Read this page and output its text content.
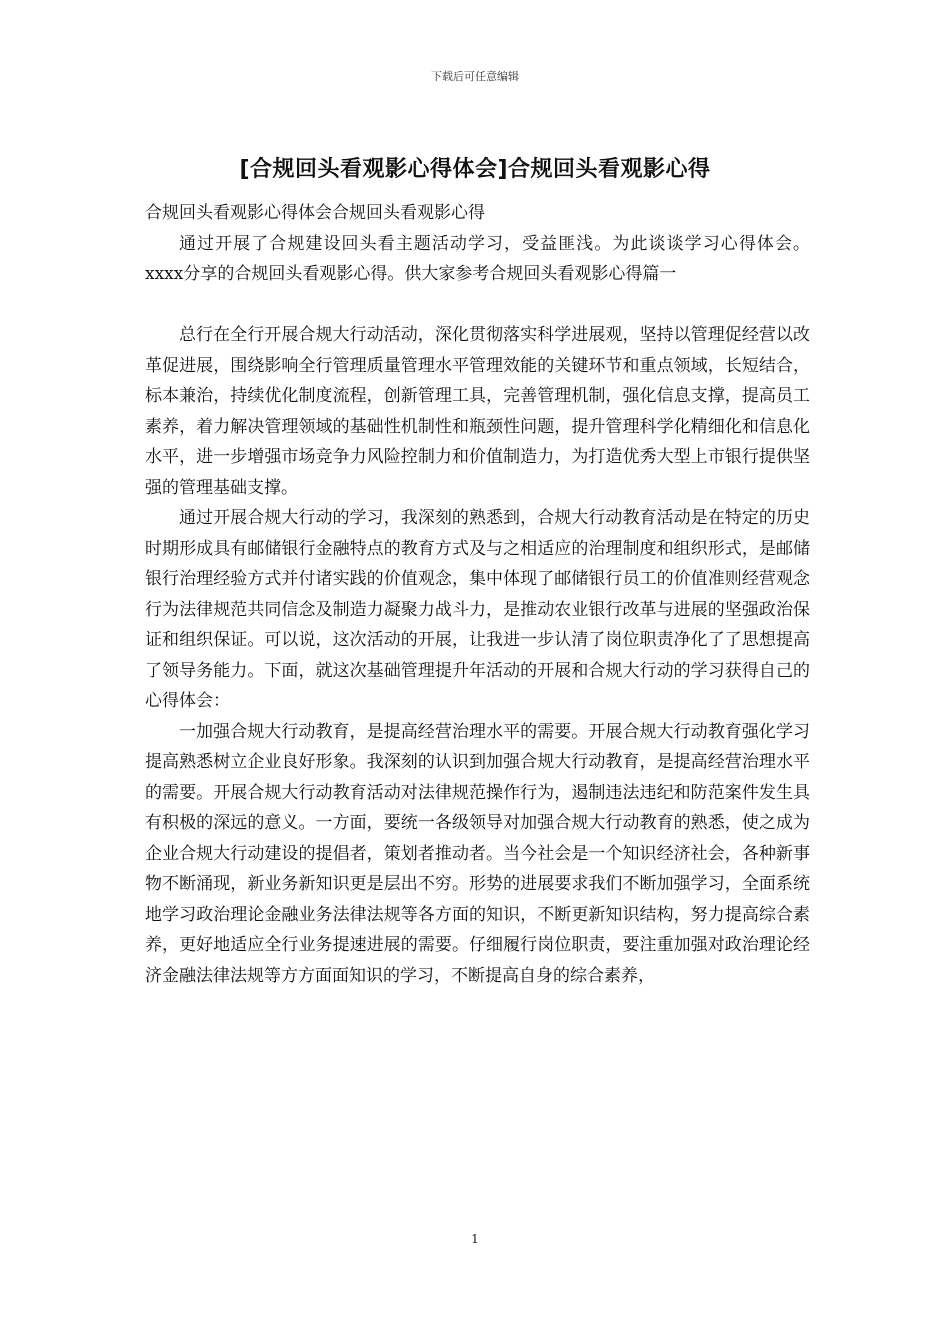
下载后可任意编辑
[合规回头看观影心得体会]合规回头看观影心得

合规回头看观影心得体会合规回头看观影心得

通过开展了合规建设回头看主题活动学习，受益匪浅。为此谈谈学习心得体会。xxxx分享的合规回头看观影心得。供大家参考合规回头看观影心得篇一

总行在全行开展合规大行动活动，深化贯彻落实科学进展观，坚持以管理促经营以改革促进展，围绕影响全行管理质量管理水平管理效能的关键环节和重点领域，长短结合，标本兼治，持续优化制度流程，创新管理工具，完善管理机制，强化信息支撑，提高员工素养，着力解决管理领域的基础性机制性和瓶颈性问题，提升管理科学化精细化和信息化水平，进一步增强市场竞争力风险控制力和价值制造力，为打造优秀大型上市银行提供坚强的管理基础支撑。

通过开展合规大行动的学习，我深刻的熟悉到，合规大行动教育活动是在特定的历史时期形成具有邮储银行金融特点的教育方式及与之相适应的治理制度和组织形式，是邮储银行治理经验方式并付诸实践的价值观念，集中体现了邮储银行员工的价值准则经营观念行为法律规范共同信念及制造力凝聚力战斗力，是推动农业银行改革与进展的坚强政治保证和组织保证。可以说，这次活动的开展，让我进一步认清了岗位职责净化了了思想提高了领导务能力。下面，就这次基础管理提升年活动的开展和合规大行动的学习获得自己的心得体会：

一加强合规大行动教育，是提高经营治理水平的需要。开展合规大行动教育强化学习提高熟悉树立企业良好形象。我深刻的认识到加强合规大行动教育，是提高经营治理水平的需要。开展合规大行动教育活动对法律规范操作行为，遏制违法违纪和防范案件发生具有积极的深远的意义。一方面，要统一各级领导对加强合规大行动教育的熟悉，使之成为企业合规大行动建设的提倡者，策划者推动者。当今社会是一个知识经济社会，各种新事物不断涌现，新业务新知识更是层出不穷。形势的进展要求我们不断加强学习，全面系统地学习政治理论金融业务法律法规等各方面的知识，不断更新知识结构，努力提高综合素养，更好地适应全行业务提速进展的需要。仔细履行岗位职责，要注重加强对政治理论经济金融法律法规等方方面面知识的学习，不断提高自身的综合素养，

1
